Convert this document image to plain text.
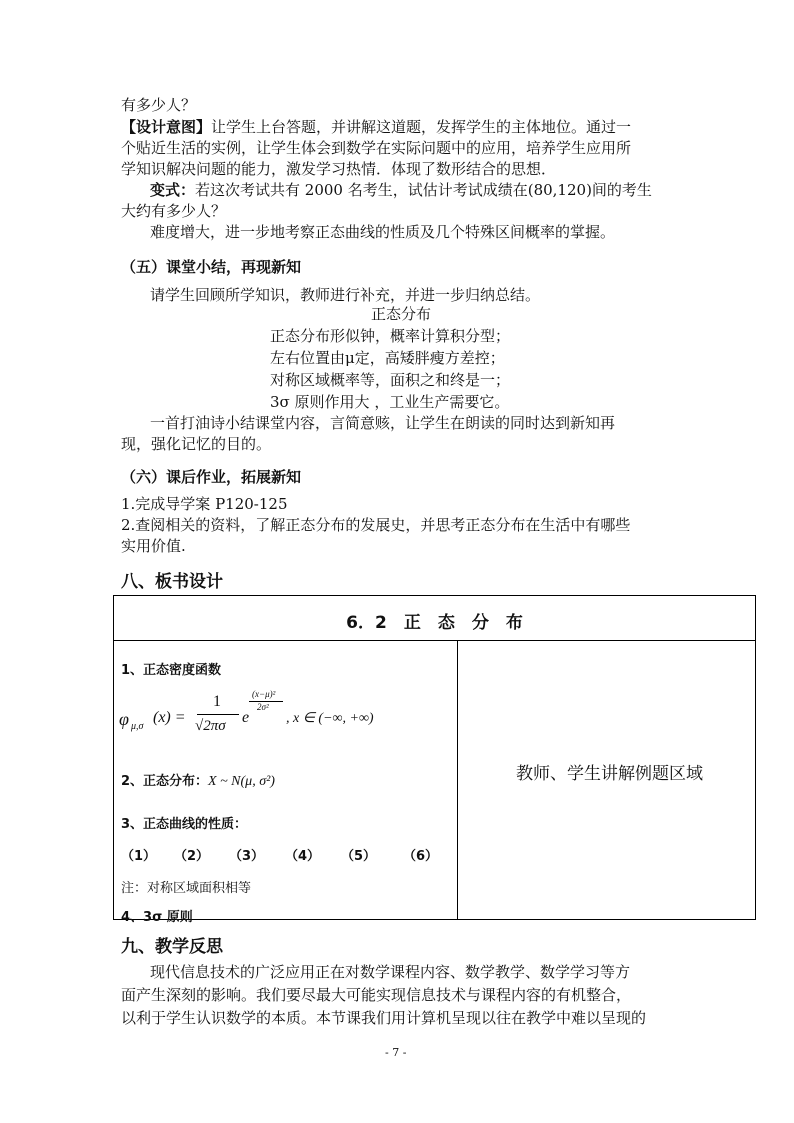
有多少人？
【设计意图】让学生上台答题，并讲解这道题，发挥学生的主体地位。通过一
个贴近生活的实例，让学生体会到数学在实际问题中的应用，培养学生应用所
学知识解决问题的能力，激发学习热情．体现了数形结合的思想．
变式：若这次考试共有 2000 名考生，试估计考试成绩在(80,120)间的考生
大约有多少人？
难度增大，进一步地考察正态曲线的性质及几个特殊区间概率的掌握。
（五）课堂小结，再现新知
请学生回顾所学知识，教师进行补充，并进一步归纳总结。
正态分布
正态分布形似钟，概率计算积分型；
左右位置由μ定，高矮胖瘦方差控；
对称区域概率等，面积之和终是一；
3σ 原则作用大 ，工业生产需要它。
一首打油诗小结课堂内容，言简意赅，让学生在朗读的同时达到新知再
现，强化记忆的目的。
（六）课后作业，拓展新知
1.完成导学案 P120-125
2.查阅相关的资料，了解正态分布的发展史，并思考正态分布在生活中有哪些
实用价值.
八、板书设计
6．2　正　态　分　布

1、正态密度函数
φ μ,σ
(x) =
1
√2πσ e
(x−μ)²
2σ²
, x ∈ (−∞, +∞)
2、正态分布：X ~ N(μ, σ²)
3、正态曲线的性质：
（1） （2） （3） （4） （5） （6）
注：对称区域面积相等
4、3σ 原则

教师、学生讲解例题区域
九、教学反思
现代信息技术的广泛应用正在对数学课程内容、数学教学、数学学习等方
面产生深刻的影响。我们要尽最大可能实现信息技术与课程内容的有机整合，
以利于学生认识数学的本质。本节课我们用计算机呈现以往在教学中难以呈现的
- 7 -
